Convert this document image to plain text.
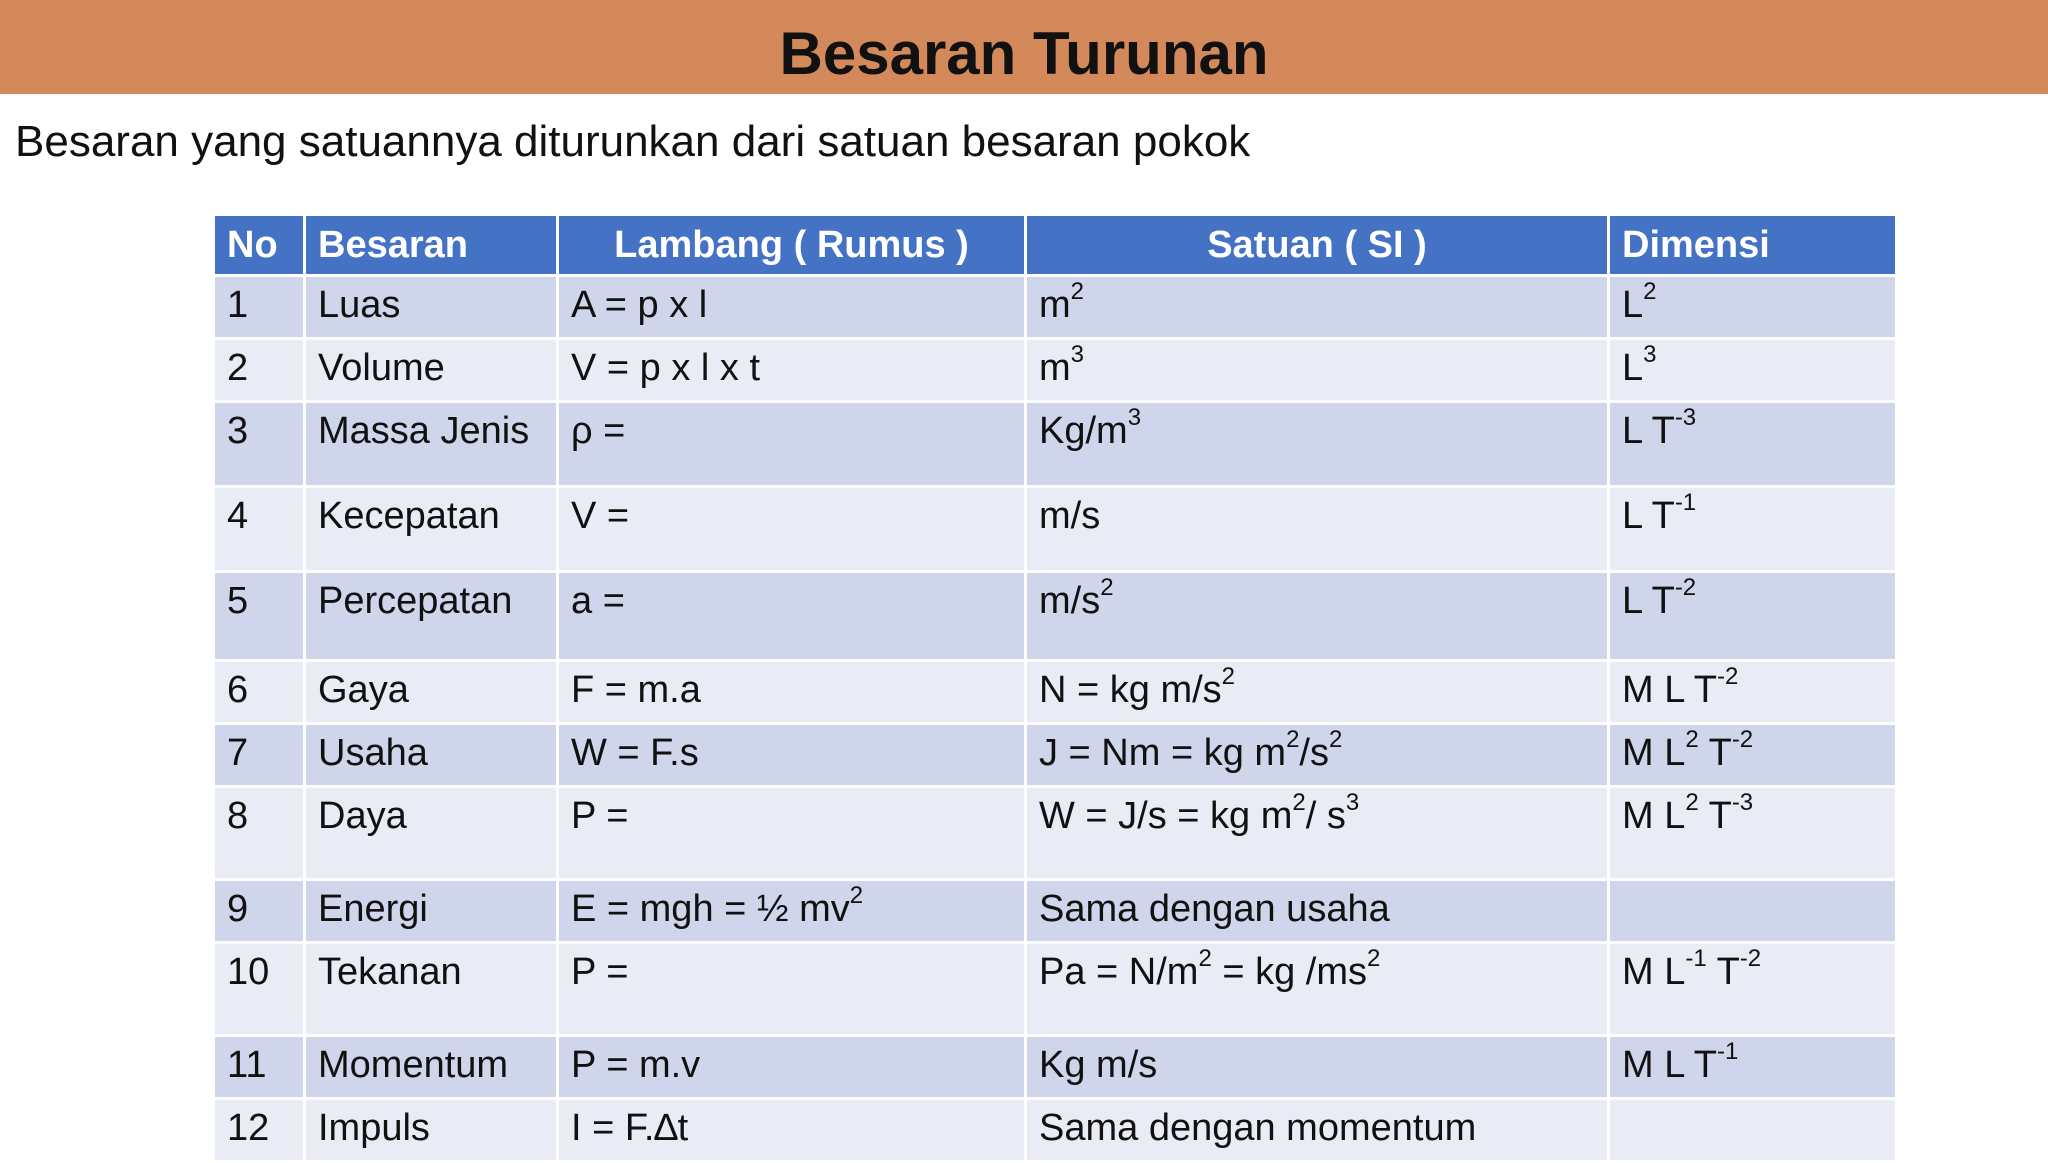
Besaran Turunan
Besaran yang satuannya diturunkan dari satuan besaran pokok
No	Besaran	Lambang ( Rumus )	Satuan ( SI )	Dimensi
1	Luas	A = p x l	$m^2$	$L^2$
2	Volume	V = p x l x t	$m^3$	$L^3$
3	Massa Jenis	ρ =	$Kg/m^3$	L $T^{-3}$
4	Kecepatan	V =	m/s	L $T^{-1}$
5	Percepatan	a =	$m/s^2$	L $T^{-2}$
6	Gaya	F = m.a	N = kg $m/s^2$	M L $T^{-2}$
7	Usaha	W = F.s	J = Nm = kg $m^2/s^2$	M $L^2$ $T^{-2}$
8	Daya	P =	W = J/s = kg $m^2/$ $s^3$	M $L^2$ $T^{-3}$
9	Energi	E = mgh = ½ $mv^2$	Sama dengan usaha	
10	Tekanan	P =	$Pa = N/m^2$ = kg $/ms^2$	M $L^{-1}$ $T^{-2}$
11	Momentum	P = m.v	Kg m/s	M L $T^{-1}$
12	Impuls	I = F.∆t	Sama dengan momentum	
